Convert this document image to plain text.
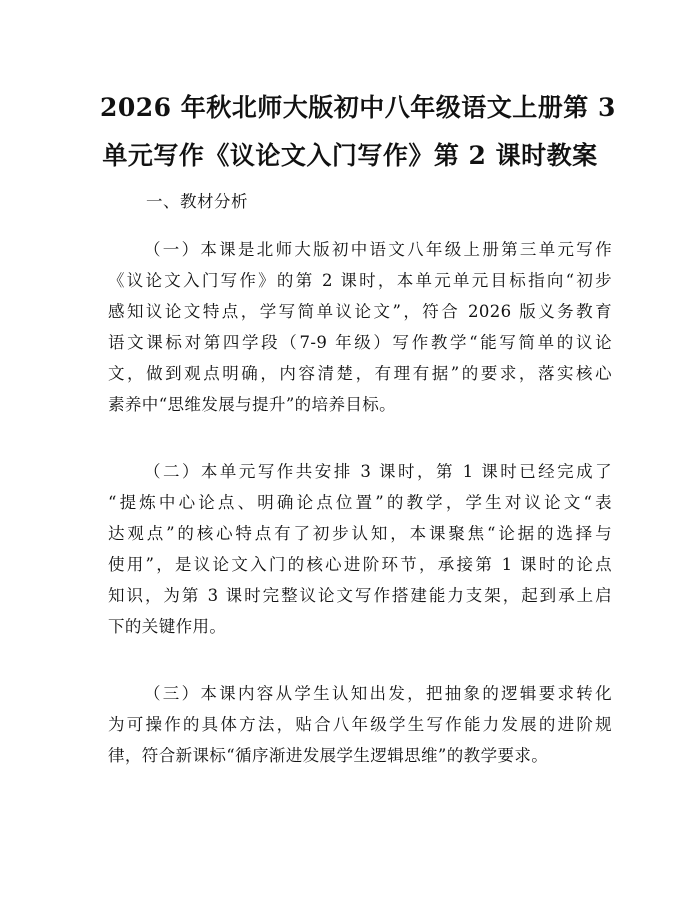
2026 年秋北师大版初中八年级语文上册第 3
单元写作《议论文入门写作》第 2 课时教案
一、教材分析
（一）本课是北师大版初中语文八年级上册第三单元写作
《议论文入门写作》的第 2 课时，本单元单元目标指向“初步
感知议论文特点，学写简单议论文”，符合 2026 版义务教育
语文课标对第四学段（7-9 年级）写作教学“能写简单的议论
文，做到观点明确，内容清楚，有理有据”的要求，落实核心
素养中“思维发展与提升”的培养目标。
（二）本单元写作共安排 3 课时，第 1 课时已经完成了
“提炼中心论点、明确论点位置”的教学，学生对议论文“表
达观点”的核心特点有了初步认知，本课聚焦“论据的选择与
使用”，是议论文入门的核心进阶环节，承接第 1 课时的论点
知识，为第 3 课时完整议论文写作搭建能力支架，起到承上启
下的关键作用。
（三）本课内容从学生认知出发，把抽象的逻辑要求转化
为可操作的具体方法，贴合八年级学生写作能力发展的进阶规
律，符合新课标“循序渐进发展学生逻辑思维”的教学要求。
